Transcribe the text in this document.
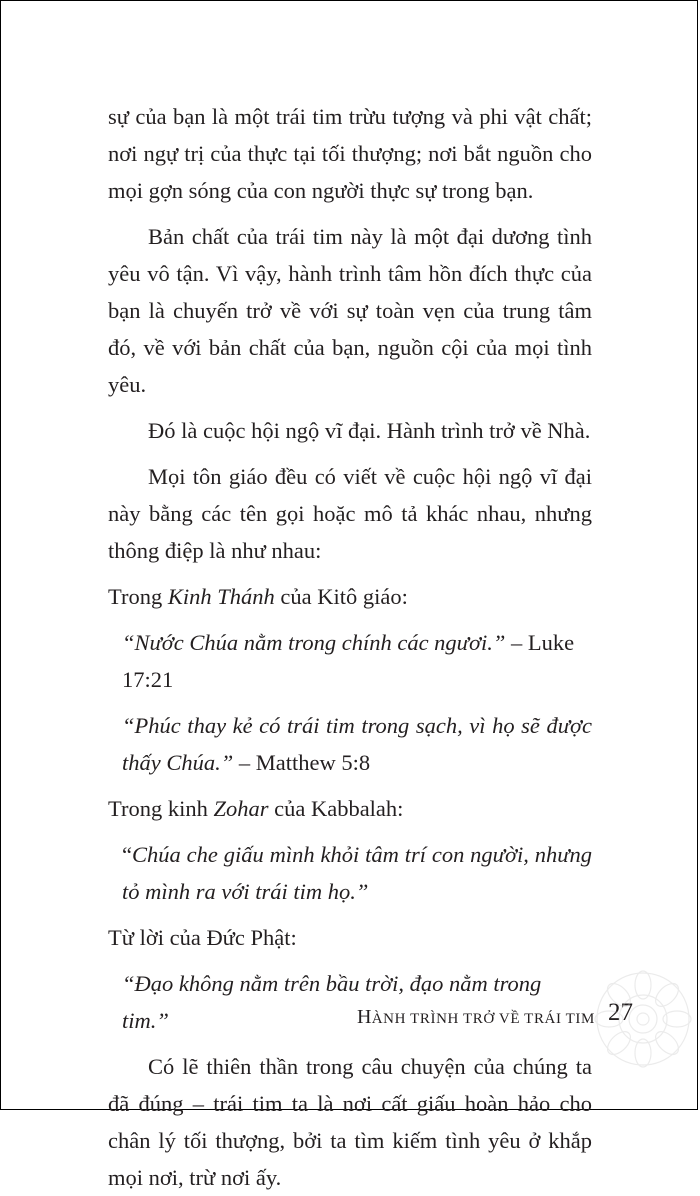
sự của bạn là một trái tim trừu tượng và phi vật chất; nơi ngự trị của thực tại tối thượng; nơi bắt nguồn cho mọi gợn sóng của con người thực sự trong bạn.

Bản chất của trái tim này là một đại dương tình yêu vô tận. Vì vậy, hành trình tâm hồn đích thực của bạn là chuyến trở về với sự toàn vẹn của trung tâm đó, về với bản chất của bạn, nguồn cội của mọi tình yêu.

Đó là cuộc hội ngộ vĩ đại. Hành trình trở về Nhà.

Mọi tôn giáo đều có viết về cuộc hội ngộ vĩ đại này bằng các tên gọi hoặc mô tả khác nhau, nhưng thông điệp là như nhau:

Trong Kinh Thánh của Kitô giáo:

“Nước Chúa nằm trong chính các ngươi.” – Luke 17:21

“Phúc thay kẻ có trái tim trong sạch, vì họ sẽ được thấy Chúa.” – Matthew 5:8

Trong kinh Zohar của Kabbalah:

“Chúa che giấu mình khỏi tâm trí con người, nhưng tỏ mình ra với trái tim họ.”

Từ lời của Đức Phật:

“Đạo không nằm trên bầu trời, đạo nằm trong tim.”

Có lẽ thiên thần trong câu chuyện của chúng ta đã đúng – trái tim ta là nơi cất giấu hoàn hảo cho chân lý tối thượng, bởi ta tìm kiếm tình yêu ở khắp mọi nơi, trừ nơi ấy.

HÀNH TRÌNH TRỞ VỀ TRÁI TIM 27
